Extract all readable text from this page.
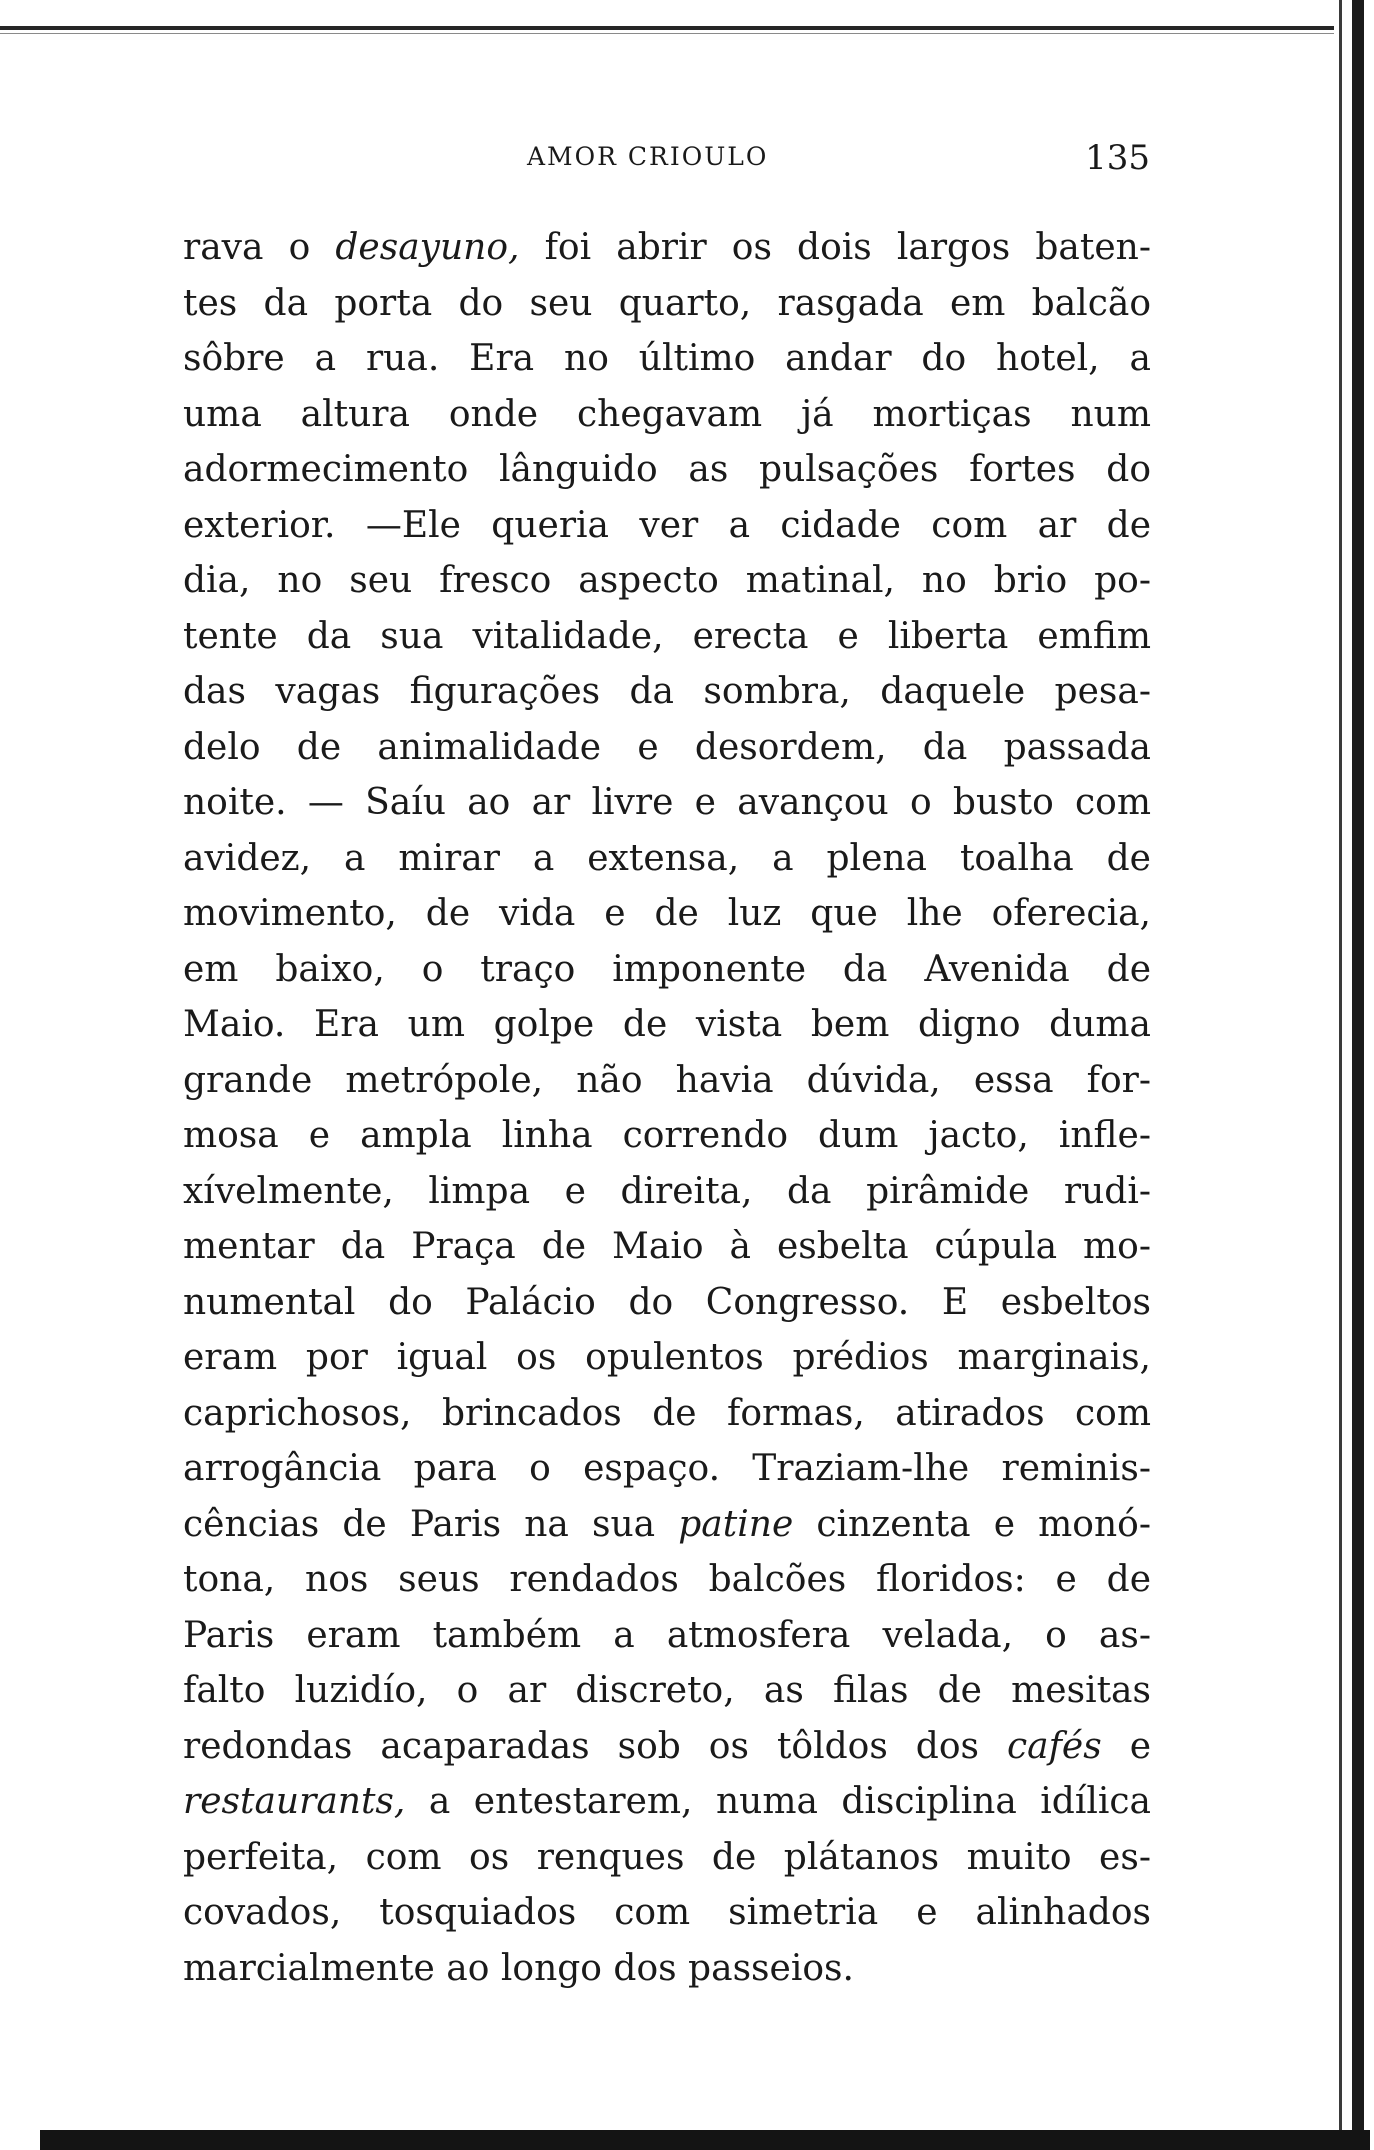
AMOR CRIOULO	135
rava o desayuno, foi abrir os dois largos baten-
tes da porta do seu quarto, rasgada em balcão
sôbre a rua. Era no último andar do hotel, a
uma altura onde chegavam já mortiças num
adormecimento lânguido as pulsações fortes do
exterior. —Ele queria ver a cidade com ar de
dia, no seu fresco aspecto matinal, no brio po-
tente da sua vitalidade, erecta e liberta emfim
das vagas figurações da sombra, daquele pesa-
delo de animalidade e desordem, da passada
noite. — Saíu ao ar livre e avançou o busto com
avidez, a mirar a extensa, a plena toalha de
movimento, de vida e de luz que lhe oferecia,
em baixo, o traço imponente da Avenida de
Maio. Era um golpe de vista bem digno duma
grande metrópole, não havia dúvida, essa for-
mosa e ampla linha correndo dum jacto, infle-
xívelmente, limpa e direita, da pirâmide rudi-
mentar da Praça de Maio à esbelta cúpula mo-
numental do Palácio do Congresso. E esbeltos
eram por igual os opulentos prédios marginais,
caprichosos, brincados de formas, atirados com
arrogância para o espaço. Traziam-lhe reminis-
cências de Paris na sua patine cinzenta e monó-
tona, nos seus rendados balcões floridos: e de
Paris eram também a atmosfera velada, o as-
falto luzidío, o ar discreto, as filas de mesitas
redondas acaparadas sob os tôldos dos cafés e
restaurants, a entestarem, numa disciplina idílica
perfeita, com os renques de plátanos muito es-
covados, tosquiados com simetria e alinhados
marcialmente ao longo dos passeios.
